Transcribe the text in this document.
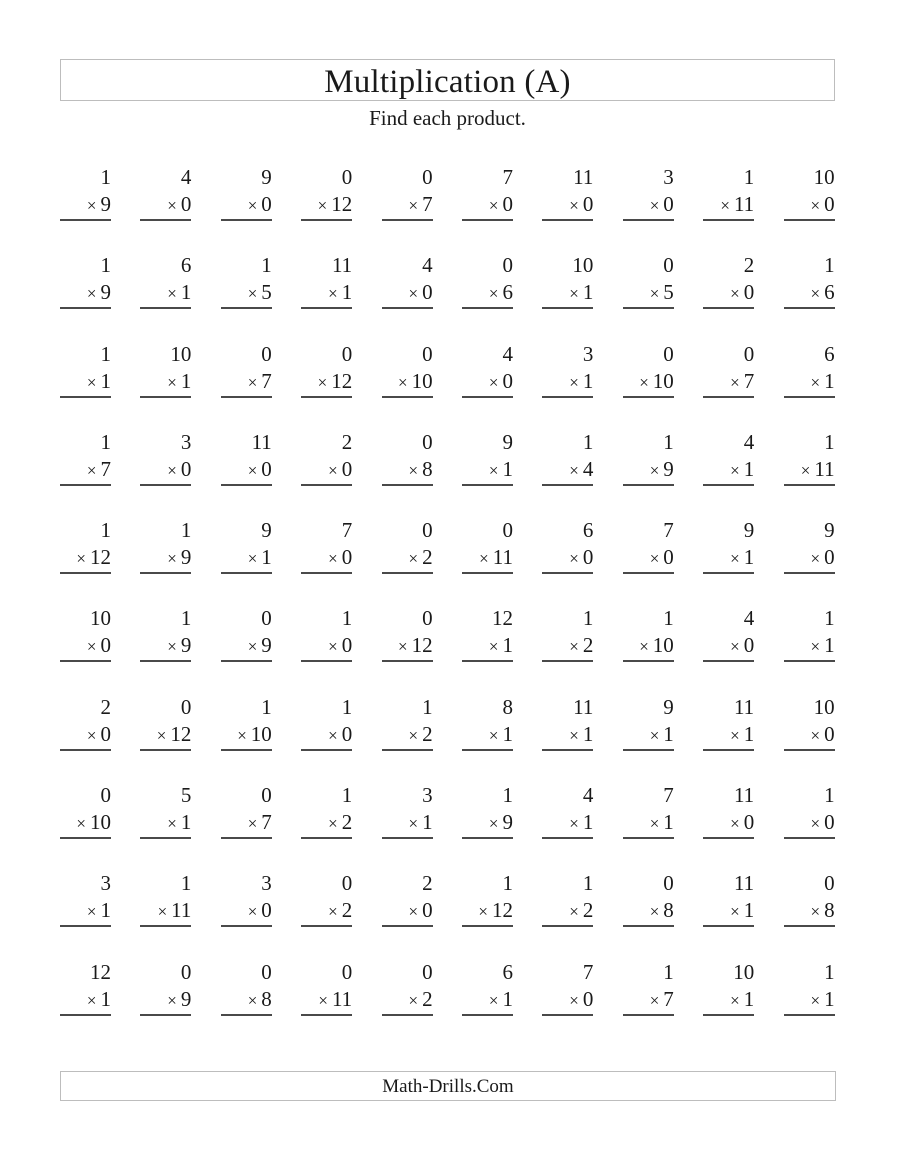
Multiplication (A)
Find each product.
1
× 9
4
× 0
9
× 0
0
× 12
0
× 7
7
× 0
11
× 0
3
× 0
1
× 11
10
× 0
1
× 9
6
× 1
1
× 5
11
× 1
4
× 0
0
× 6
10
× 1
0
× 5
2
× 0
1
× 6
1
× 1
10
× 1
0
× 7
0
× 12
0
× 10
4
× 0
3
× 1
0
× 10
0
× 7
6
× 1
1
× 7
3
× 0
11
× 0
2
× 0
0
× 8
9
× 1
1
× 4
1
× 9
4
× 1
1
× 11
1
× 12
1
× 9
9
× 1
7
× 0
0
× 2
0
× 11
6
× 0
7
× 0
9
× 1
9
× 0
10
× 0
1
× 9
0
× 9
1
× 0
0
× 12
12
× 1
1
× 2
1
× 10
4
× 0
1
× 1
2
× 0
0
× 12
1
× 10
1
× 0
1
× 2
8
× 1
11
× 1
9
× 1
11
× 1
10
× 0
0
× 10
5
× 1
0
× 7
1
× 2
3
× 1
1
× 9
4
× 1
7
× 1
11
× 0
1
× 0
3
× 1
1
× 11
3
× 0
0
× 2
2
× 0
1
× 12
1
× 2
0
× 8
11
× 1
0
× 8
12
× 1
0
× 9
0
× 8
0
× 11
0
× 2
6
× 1
7
× 0
1
× 7
10
× 1
1
× 1
Math-Drills.Com
